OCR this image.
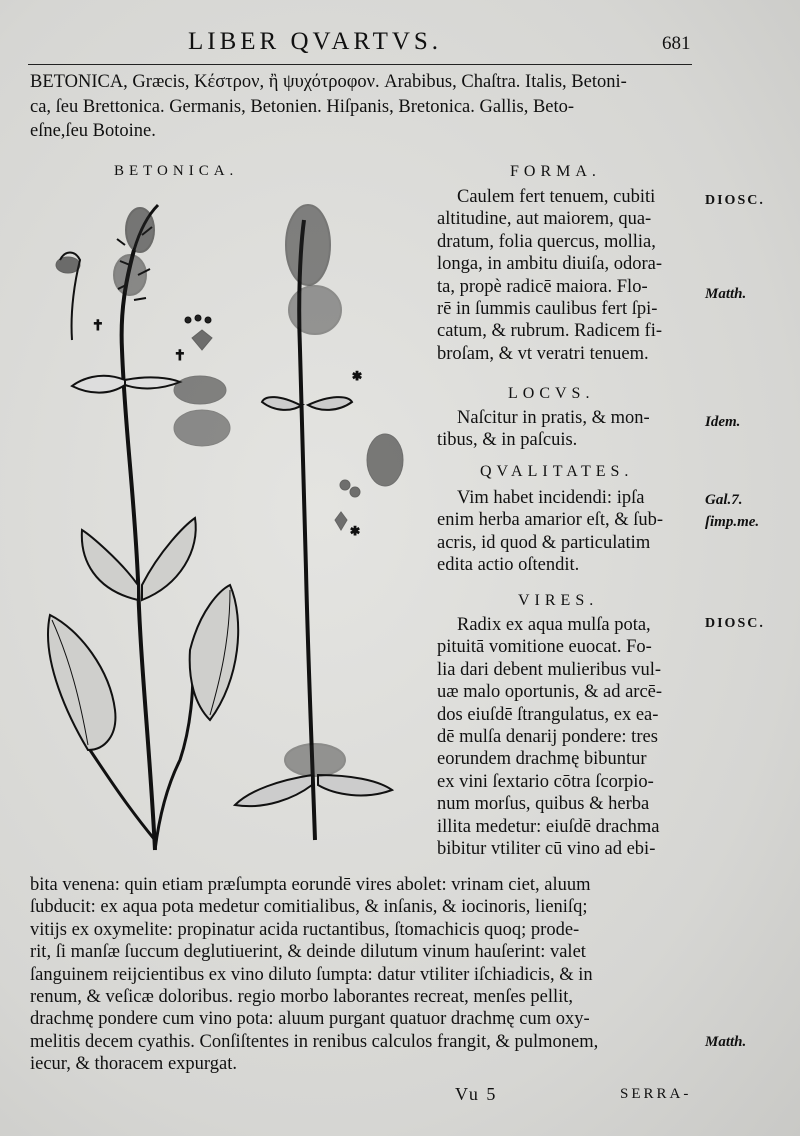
LIBER QVARTVS.	681
BETONICA, Græcis, Κέστρον, ἢ ψυχότροφον. Arabibus, Chaſtra. Italis, Betoni-
ca, ſeu Brettonica. Germanis, Betonien. Hiſpanis, Bretonica. Gallis, Beto-
eſne,ſeu Botoine.
BETONICA.
✝
✝
✱
✱
FORMA.
Caulem fert tenuem, cubiti
altitudine, aut maiorem, qua-
dratum, folia quercus, mollia,
longa, in ambitu diuiſa, odora-
ta, propè radicē maiora. Flo-
rē in ſummis caulibus fert ſpi-
catum, & rubrum. Radicem fi-
broſam, & vt veratri tenuem.
DIOSC.
Matth.
LOCVS.
Naſcitur in pratis, & mon-
tibus, & in paſcuis.
Idem.
QVALITATES.
Vim habet incidendi: ipſa
enim herba amarior eſt, & ſub-
acris, id quod & particulatim
edita actio oſtendit.
Gal.7.
ſimp.me.
VIRES.
Radix ex aqua mulſa pota,
pituitā vomitione euocat. Fo-
lia dari debent mulieribus vul-
uæ malo oportunis, & ad arcē-
dos eiuſdē ſtrangulatus, ex ea-
dē mulſa denarij pondere: tres
eorundem drachmę bibuntur
ex vini ſextario cōtra ſcorpio-
num morſus, quibus & herba
illita medetur: eiuſdē drachma
bibitur vtiliter cū vino ad ebi-
DIOSC.
bita venena: quin etiam præſumpta eorundē vires abolet: vrinam ciet, aluum
ſubducit: ex aqua pota medetur comitialibus, & inſanis, & iocinoris, lieniſq;
vitijs ex oxymelite: propinatur acida ructantibus, ſtomachicis quoq; prode-
rit, ſi manſæ ſuccum deglutiuerint, & deinde dilutum vinum hauſerint: valet
ſanguinem reijcientibus ex vino diluto ſumpta: datur vtiliter iſchiadicis, & in
renum, & veſicæ doloribus. regio morbo laborantes recreat, menſes pellit,
drachmę pondere cum vino pota: aluum purgant quatuor drachmę cum oxy-
melitis decem cyathis. Conſiſtentes in renibus calculos frangit, & pulmonem,
iecur, & thoracem expurgat.
Matth.
Vu 5	SERRA-
